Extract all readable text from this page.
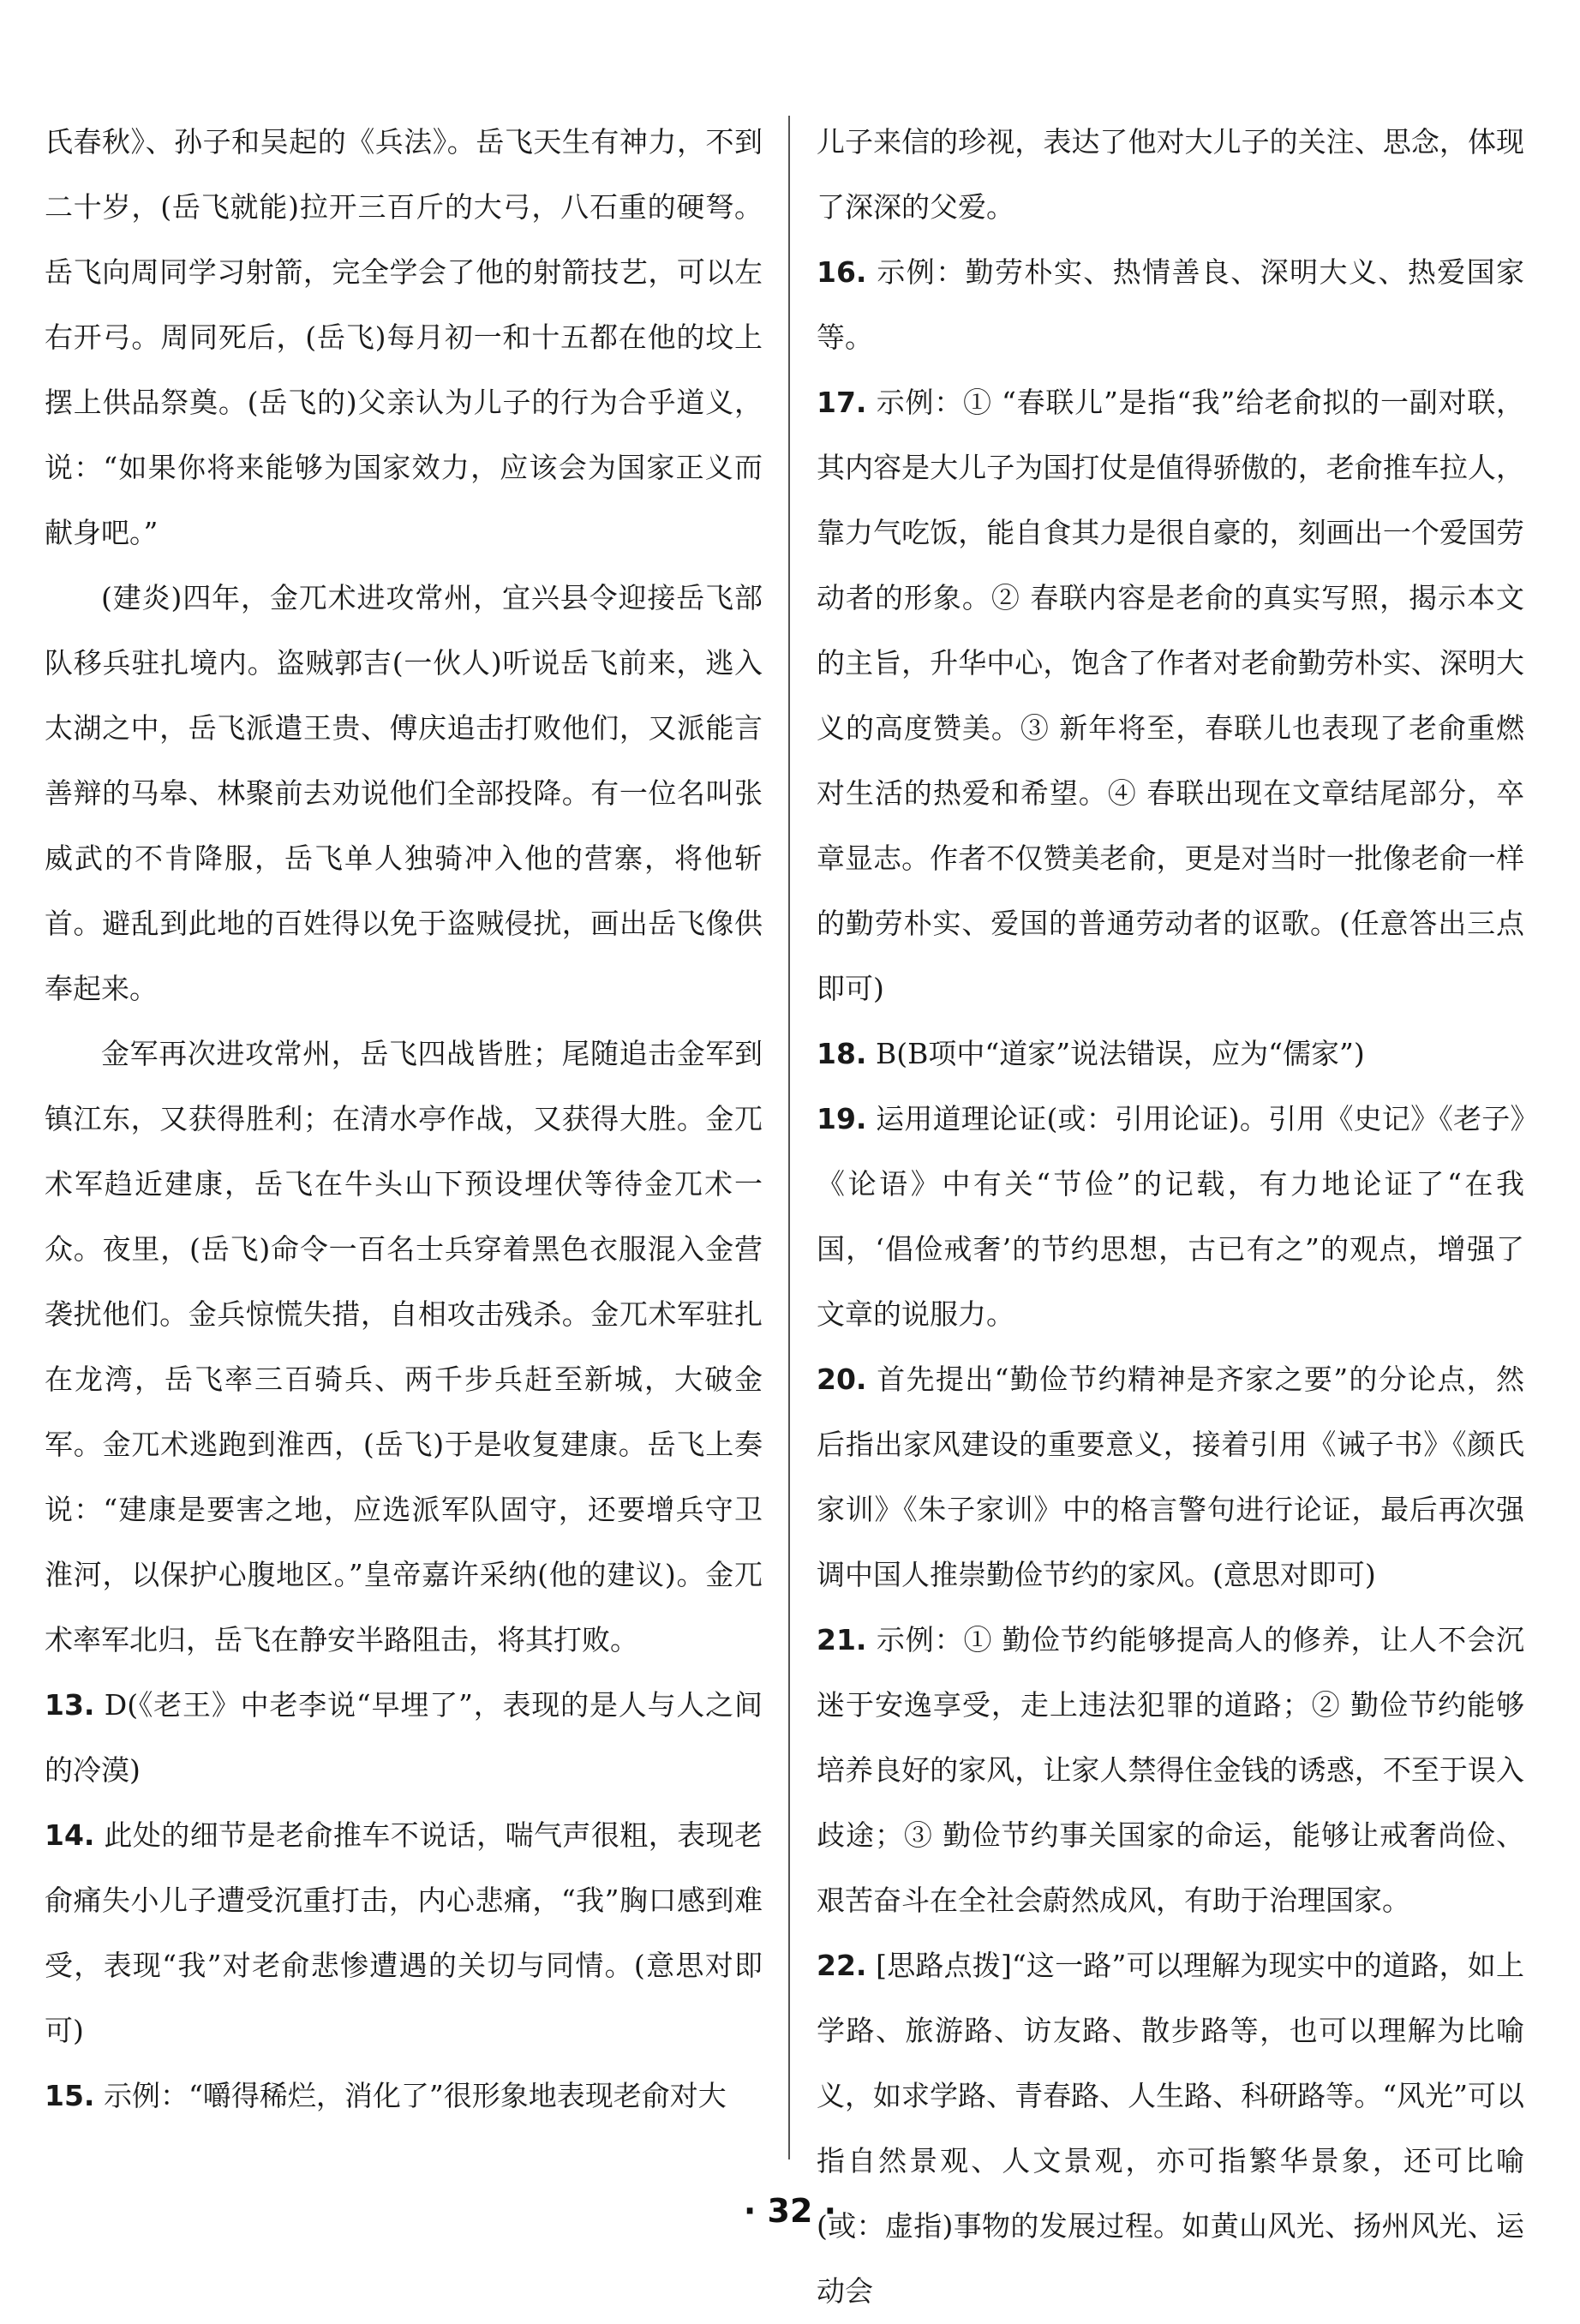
氏春秋》、孙子和吴起的《兵法》。岳飞天生有神力，不到二十岁，(岳飞就能)拉开三百斤的大弓，八石重的硬弩。岳飞向周同学习射箭，完全学会了他的射箭技艺，可以左右开弓。周同死后，(岳飞)每月初一和十五都在他的坟上摆上供品祭奠。(岳飞的)父亲认为儿子的行为合乎道义，说：“如果你将来能够为国家效力，应该会为国家正义而献身吧。”

(建炎)四年，金兀术进攻常州，宜兴县令迎接岳飞部队移兵驻扎境内。盗贼郭吉(一伙人)听说岳飞前来，逃入太湖之中，岳飞派遣王贵、傅庆追击打败他们，又派能言善辩的马皋、林聚前去劝说他们全部投降。有一位名叫张威武的不肯降服，岳飞单人独骑冲入他的营寨，将他斩首。避乱到此地的百姓得以免于盗贼侵扰，画出岳飞像供奉起来。

金军再次进攻常州，岳飞四战皆胜；尾随追击金军到镇江东，又获得胜利；在清水亭作战，又获得大胜。金兀术军趋近建康，岳飞在牛头山下预设埋伏等待金兀术一众。夜里，(岳飞)命令一百名士兵穿着黑色衣服混入金营袭扰他们。金兵惊慌失措，自相攻击残杀。金兀术军驻扎在龙湾，岳飞率三百骑兵、两千步兵赶至新城，大破金军。金兀术逃跑到淮西，(岳飞)于是收复建康。岳飞上奏说：“建康是要害之地，应选派军队固守，还要增兵守卫淮河，以保护心腹地区。”皇帝嘉许采纳(他的建议)。金兀术率军北归，岳飞在静安半路阻击，将其打败。

13. D(《老王》中老李说“早埋了”，表现的是人与人之间的冷漠)

14. 此处的细节是老俞推车不说话，喘气声很粗，表现老俞痛失小儿子遭受沉重打击，内心悲痛，“我”胸口感到难受，表现“我”对老俞悲惨遭遇的关切与同情。(意思对即可)

15. 示例：“嚼得稀烂，消化了”很形象地表现老俞对大

儿子来信的珍视，表达了他对大儿子的关注、思念，体现了深深的父爱。

16. 示例：勤劳朴实、热情善良、深明大义、热爱国家等。

17. 示例：① “春联儿”是指“我”给老俞拟的一副对联，其内容是大儿子为国打仗是值得骄傲的，老俞推车拉人，靠力气吃饭，能自食其力是很自豪的，刻画出一个爱国劳动者的形象。② 春联内容是老俞的真实写照，揭示本文的主旨，升华中心，饱含了作者对老俞勤劳朴实、深明大义的高度赞美。③ 新年将至，春联儿也表现了老俞重燃对生活的热爱和希望。④ 春联出现在文章结尾部分，卒章显志。作者不仅赞美老俞，更是对当时一批像老俞一样的勤劳朴实、爱国的普通劳动者的讴歌。(任意答出三点即可)

18. B(B项中“道家”说法错误，应为“儒家”)

19. 运用道理论证(或：引用论证)。引用《史记》《老子》《论语》中有关“节俭”的记载，有力地论证了“在我国，‘倡俭戒奢’的节约思想，古已有之”的观点，增强了文章的说服力。

20. 首先提出“勤俭节约精神是齐家之要”的分论点，然后指出家风建设的重要意义，接着引用《诫子书》《颜氏家训》《朱子家训》中的格言警句进行论证，最后再次强调中国人推崇勤俭节约的家风。(意思对即可)

21. 示例：① 勤俭节约能够提高人的修养，让人不会沉迷于安逸享受，走上违法犯罪的道路；② 勤俭节约能够培养良好的家风，让家人禁得住金钱的诱惑，不至于误入歧途；③ 勤俭节约事关国家的命运，能够让戒奢尚俭、艰苦奋斗在全社会蔚然成风，有助于治理国家。

22. [思路点拨]“这一路”可以理解为现实中的道路，如上学路、旅游路、访友路、散步路等，也可以理解为比喻义，如求学路、青春路、人生路、科研路等。“风光”可以指自然景观、人文景观，亦可指繁华景象，还可比喻(或：虚指)事物的发展过程。如黄山风光、扬州风光、运动会

· 32 ·
